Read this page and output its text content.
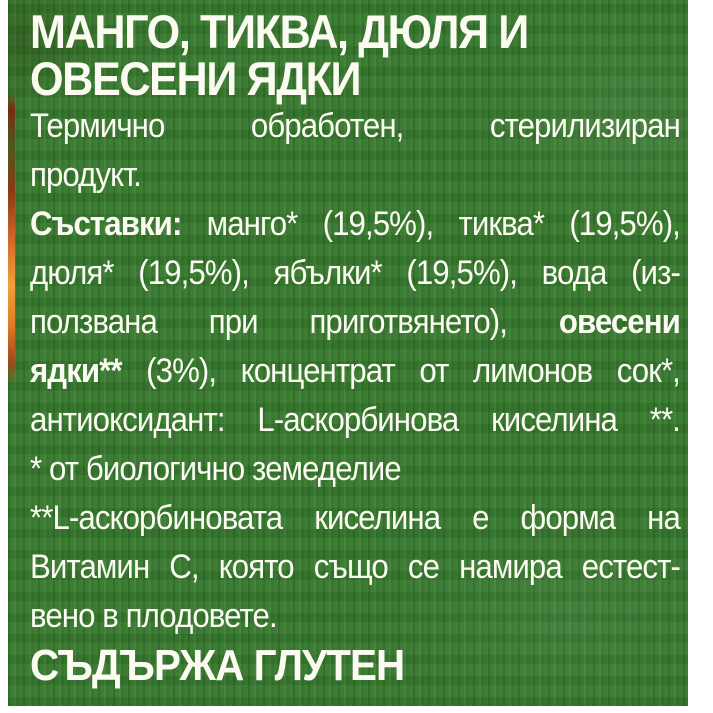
МАНГО, ТИКВА, ДЮЛЯ И
ОВЕСЕНИ ЯДКИ
Термично обработен, стерилизиран
продукт.
Съставки: манго* (19,5%), тиква* (19,5%),
дюля* (19,5%), ябълки* (19,5%), вода (из-
ползвана при приготвянето), овесени
ядки** (3%), концентрат от лимонов сок*,
антиоксидант: L-аскорбинова киселина **.
* от биологично земеделие
**L-аскорбиновата киселина е форма на
Витамин C, която също се намира естест-
вено в плодовете.
СЪДЪРЖА ГЛУТЕН
